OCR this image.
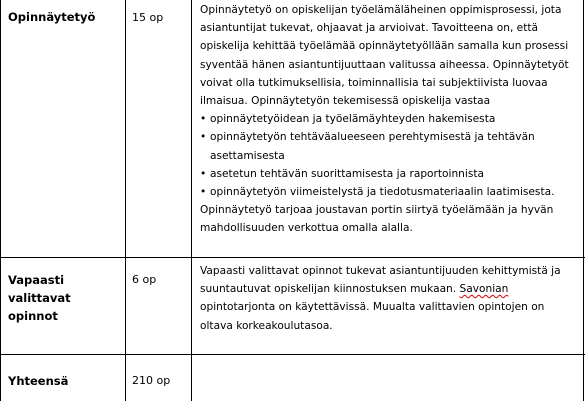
Opinnäytetyö	15 op

Opinnäytetyö on opiskelijan työelämäläheinen oppimisprosessi, jota asiantuntijat tukevat, ohjaavat ja arvioivat. Tavoitteena on, että opiskelija kehittää työelämää opinnäytetyöllään samalla kun prosessi syventää hänen asiantuntijuuttaan valitussa aiheessa. Opinnäytetyöt voivat olla tutkimuksellisia, toiminnallisia tai subjektiivista luovaa ilmaisua. Opinnäytetyön tekemisessä opiskelija vastaa

• opinnäytetyöidean ja työelämäyhteyden hakemisesta
• opinnäytetyön tehtäväalueeseen perehtymisestä ja tehtävän asettamisesta
• asetetun tehtävän suorittamisesta ja raportoinnista
• opinnäytetyön viimeistelystä ja tiedotusmateriaalin laatimisesta.

Opinnäytetyö tarjoaa joustavan portin siirtyä työelämään ja hyvän mahdollisuuden verkottua omalla alalla.

Vapaasti valittavat opinnot
6 op

Vapaasti valittavat opinnot tukevat asiantuntijuuden kehittymistä ja suuntautuvat opiskelijan kiinnostuksen mukaan. Savonian opintotarjonta on käytettävissä. Muualta valittavien opintojen on oltava korkeakoulutasoa.

Yhteensä	210 op
